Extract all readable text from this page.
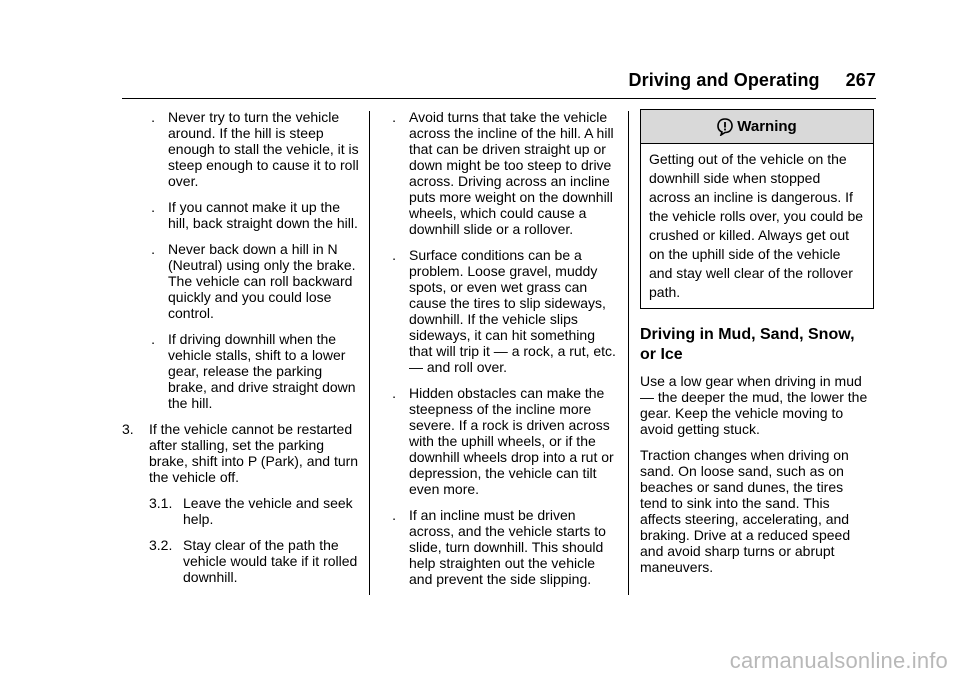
Driving and Operating 267
. Never try to turn the vehicle around. If the hill is steep enough to stall the vehicle, it is steep enough to cause it to roll over.
. If you cannot make it up the hill, back straight down the hill.
. Never back down a hill in N (Neutral) using only the brake. The vehicle can roll backward quickly and you could lose control.
. If driving downhill when the vehicle stalls, shift to a lower gear, release the parking brake, and drive straight down the hill.
3.	If the vehicle cannot be restarted after stalling, set the parking brake, shift into P (Park), and turn the vehicle off.
3.1. Leave the vehicle and seek help.
3.2. Stay clear of the path the vehicle would take if it rolled downhill.
. Avoid turns that take the vehicle across the incline of the hill. A hill that can be driven straight up or down might be too steep to drive across. Driving across an incline puts more weight on the downhill wheels, which could cause a downhill slide or a rollover.
. Surface conditions can be a problem. Loose gravel, muddy spots, or even wet grass can cause the tires to slip sideways, downhill. If the vehicle slips sideways, it can hit something that will trip it — a rock, a rut, etc. — and roll over.
. Hidden obstacles can make the steepness of the incline more severe. If a rock is driven across with the uphill wheels, or if the downhill wheels drop into a rut or depression, the vehicle can tilt even more.
. If an incline must be driven across, and the vehicle starts to slide, turn downhill. This should help straighten out the vehicle and prevent the side slipping.
Warning
Getting out of the vehicle on the downhill side when stopped across an incline is dangerous. If the vehicle rolls over, you could be crushed or killed. Always get out on the uphill side of the vehicle and stay well clear of the rollover path.
Driving in Mud, Sand, Snow, or Ice
Use a low gear when driving in mud — the deeper the mud, the lower the gear. Keep the vehicle moving to avoid getting stuck.
Traction changes when driving on sand. On loose sand, such as on beaches or sand dunes, the tires tend to sink into the sand. This affects steering, accelerating, and braking. Drive at a reduced speed and avoid sharp turns or abrupt maneuvers.
carmanualsonline.info
